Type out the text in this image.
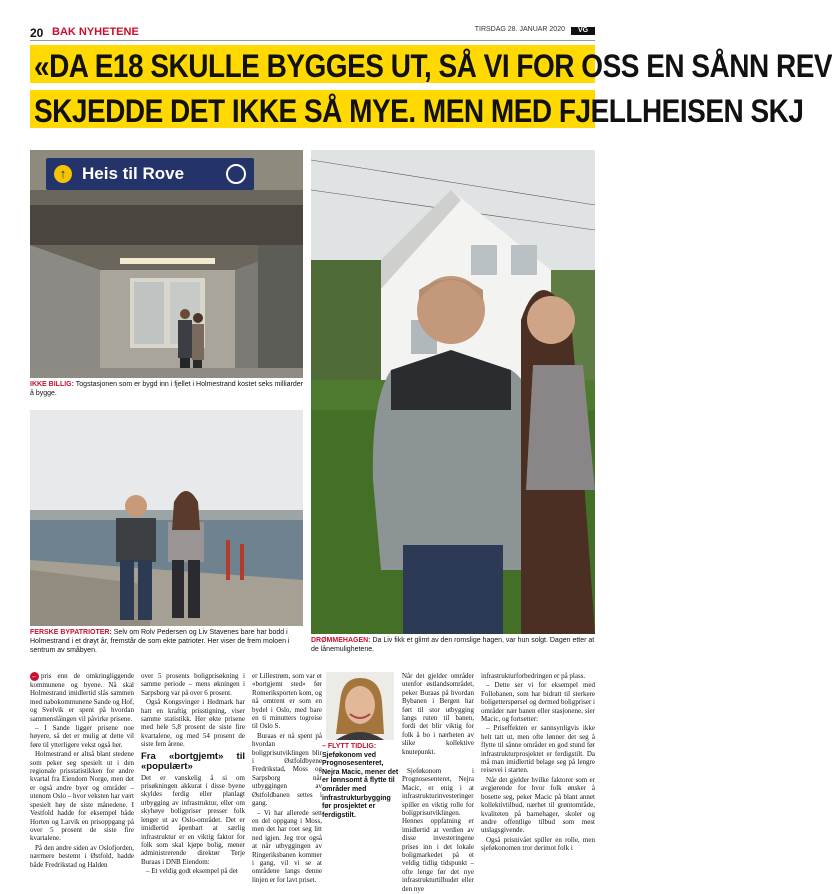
20 BAK NYHETENE	TIRSDAG 28. JANUAR 2020	VG
«DA E18 SKULLE BYGGES UT, SÅ VI FOR OSS EN SÅNN REV
SKJEDDE DET IKKE SÅ MYE. MEN MED FJELLHEISEN SKJ
↑ Heis til Rove
IKKE BILLIG: Togstasjonen som er bygd inn i fjellet i Holmestrand kostet seks milliarder å bygge.
FERSKE BYPATRIOTER: Selv om Rolv Pedersen og Liv Stavenes bare har bodd i Holmestrand i et drøyt år, fremstår de som ekte patrioter. Her viser de frem moloen i sentrum av småbyen.
DRØMMEHAGEN: Da Liv fikk et glimt av den romslige hagen, var hun solgt. Dagen etter at de lånemulighetene.

← pris enn de omkringliggende kommunene og byene. Nå skal Holmestrand imidlertid slås sammen med nabokommunene Sande og Hof, og Svelvik er spent på hvordan sammenslåingen vil påvirke prisene.

– I Sande ligger prisene noe høyere, så det er mulig at dette vil føre til ytterligere vekst også her.

Holmestrand er altså blant stedene som peker seg spesielt ut i den regionale prisstatistikken for andre kvartal fra Eiendom Norge, men det er også andre byer og områder – utenom Oslo – hvor veksten har vært spesielt høy de siste månedene. I Vestfold hadde for eksempel både Horten og Larvik en prisoppgang på over 5 prosent de siste fire kvartalene.

På den andre siden av Oslofjorden, nærmere bestemt i Østfold, hadde både Fredrikstad og Halden

over 5 prosents boligprisøkning i samme periode – mens økningen i Sarpsborg var på over 6 prosent.

Også Kongsvinger i Hedmark har hatt en kraftig prisstigning, viser samme statistikk. Her økte prisene med hele 5,8 prosent de siste fire kvartalene, og med 54 prosent de siste fem årene.

Fra «bortgjemt» til «populært»

Det er vanskelig å si om prisøkningen akkurat i disse byene skyldes ferdig eller planlagt utbygging av infrastruktur, eller om skyhøye boligpriser presser folk lenger ut av Oslo-området. Det er imidlertid åpenbart at særlig infrastruktur er en viktig faktor for folk som skal kjøpe bolig, mener administrerende direktør Terje Buraas i DNB Eiendom:

– Et veldig godt eksempel på det

er Lillestrøm, som var et «bortgjemt sted» før Romeriksporten kom, og nå omtrent er som en bydel i Oslo, med bare en ti minutters togreise til Oslo S.

Buraas er nå spent på hvordan boligprisutviklingen blir i Østfoldbyene Fredrikstad, Moss og Sarpsborg når utbyggingen av Østfoldbanen settes i gang.

– Vi har allerede sett en del oppgang i Moss, men det har roet seg litt ned igjen. Jeg tror også at når utbyggingen av Ringeriksbanen kommer i gang, vil vi se at områdene langs denne linjen er for lavt priset.

– FLYTT TIDLIG: Sjeføkonom ved Prognosesenteret, Nejra Macic, mener det er lønnsomt å flytte til områder med infrastrukturbygging før prosjektet er ferdigstilt.

Når det gjelder områder utenfor østlandsområdet, peker Buraas på hvordan Bybanen i Bergen har ført til stor utbygging langs ruten til banen, fordi det blir viktig for folk å bo i nærheten av slike kollektive knutepunkt.

Sjeføkonom i Prognosesenteret, Nejra Macic, er enig i at infrastrukturinvesteringer spiller en viktig rolle for boligprisutviklingen. Hennes oppfatning er imidlertid at verdien av disse investeringene prises inn i det lokale boligmarkedet på et veldig tidlig tidspunkt – ofte lenge før det nye infrastrukturtilbudet eller den nye

infrastrukturforbedringen er på plass.

– Dette ser vi for eksempel med Follobanen, som har bidratt til sterkere boligetterspørsel og dermed boligpriser i områder nær banen eller stasjonene, sier Macic, og fortsetter:

– Priseffekten er sannsynligvis ikke helt tatt ut, men ofte lønner det seg å flytte til sånne områder en god stund før infrastrukturprosjektet er ferdigstilt. Da må man imidlertid belage seg på lengre reisevei i starten.

Når det gjelder hvilke faktorer som er avgjørende for hvor folk ønsker å bosette seg, peker Macic på blant annet kollektivtilbud, nærhet til grøntområde, kvaliteten på barnehager, skoler og andre offentlige tilbud som mest utslagsgivende.

Også prisnivået spiller en rolle, men sjeføkonomen tror derimot folk i
